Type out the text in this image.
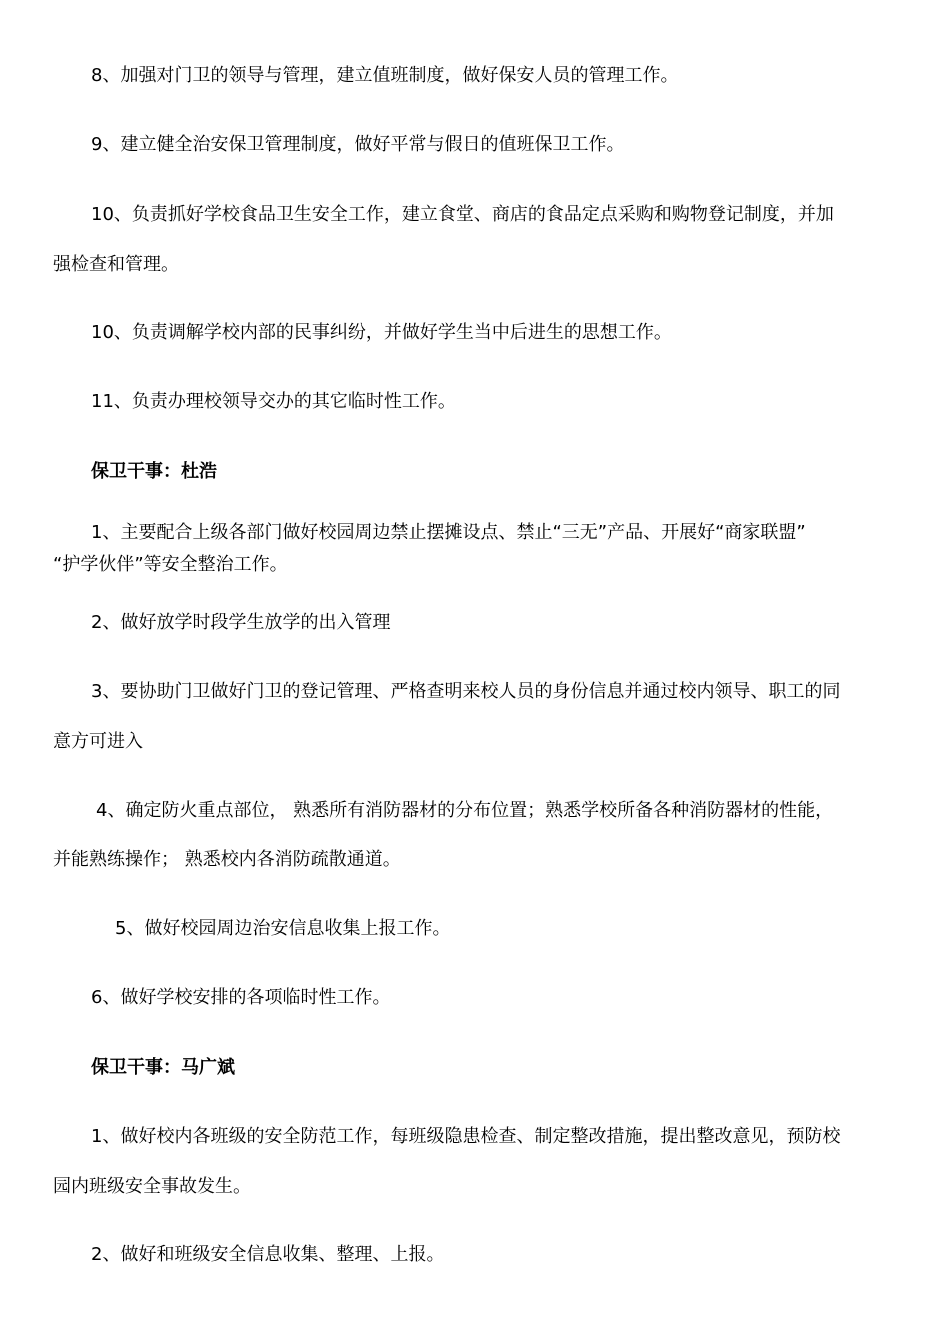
8、加强对门卫的领导与管理，建立值班制度，做好保安人员的管理工作。
9、建立健全治安保卫管理制度，做好平常与假日的值班保卫工作。
10、负责抓好学校食品卫生安全工作，建立食堂、商店的食品定点采购和购物登记制度，并加
强检查和管理。
10、负责调解学校内部的民事纠纷，并做好学生当中后进生的思想工作。
11、负责办理校领导交办的其它临时性工作。
保卫干事：杜浩
1、主要配合上级各部门做好校园周边禁止摆摊设点、禁止“三无”产品、开展好“商家联盟”
“护学伙伴”等安全整治工作。
2、做好放学时段学生放学的出入管理
3、要协助门卫做好门卫的登记管理、严格查明来校人员的身份信息并通过校内领导、职工的同
意方可进入
4、确定防火重点部位， 熟悉所有消防器材的分布位置；熟悉学校所备各种消防器材的性能，
并能熟练操作； 熟悉校内各消防疏散通道。
5、做好校园周边治安信息收集上报工作。
6、做好学校安排的各项临时性工作。
保卫干事：马广斌
1、做好校内各班级的安全防范工作，每班级隐患检查、制定整改措施，提出整改意见，预防校
园内班级安全事故发生。
2、做好和班级安全信息收集、整理、上报。
